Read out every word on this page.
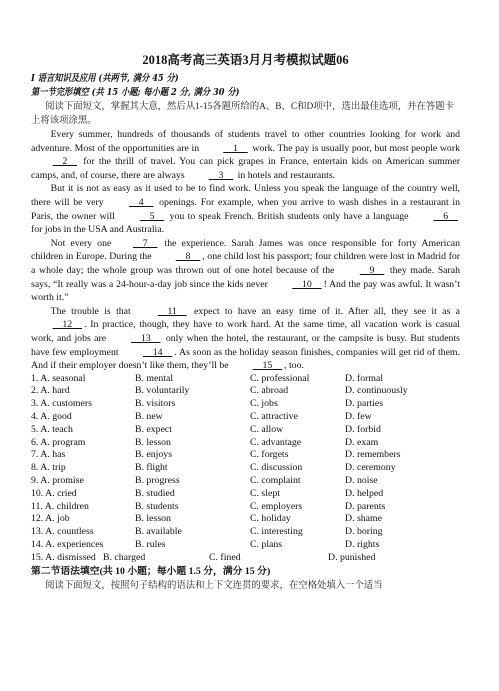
2018高考高三英语3月月考模拟试题06
Ⅰ 语言知识及应用 (共两节, 满分 45 分)
第一节完形填空 (共 15 小题; 每小题 2 分, 满分 30 分)
阅读下面短文，掌握其大意，然后从1-15各题所给的A、B、C和D项中，选出最佳选项，并在答题卡上将该项涂黑。

Every summer, hundreds of thousands of students travel to other countries looking for work and adventure. Most of the opportunities are in  1  work. The pay is usually poor, but most people work  2  for the thrill of travel. You can pick grapes in France, entertain kids on American summer camps, and, of course, there are always  3  in hotels and restaurants.

But it is not as easy as it used to be to find work. Unless you speak the language of the country well, there will be very  4  openings. For example, when you arrive to wash dishes in a restaurant in Paris, the owner will  5  you to speak French. British students only have a language  6  for jobs in the USA and Australia.

Not every one 7  the experience. Sarah James was once responsible for forty American children in Europe. During the  8 , one child lost his passport; four children were lost in Madrid for a whole day; the whole group was thrown out of one hotel because of the  9  they made. Sarah says, “It really was a 24-hour-a-day job since the kids never  10 ! And the pay was awful. It wasn’t worth it.”

The trouble is that  11  expect to have an easy time of it. After all, they see it as a  12 . In practice, though, they have to work hard. At the same time, all vacation work is casual work, and jobs are  13  only when the hotel, the restaurant, or the campsite is busy. But students have few employment  14 . As soon as the holiday season finishes, companies will get rid of them. And if their employer doesn’t like them, they’ll be  15 , too.

1. A. seasonal	B. mental	C. professional	D. formal
2. A. hard	B. voluntarily	C. abroad	D. continuously
3. A. customers	B. visitors	C. jobs	D. parties
4. A. good	B. new	C. attractive	D. few
5. A. teach	B. expect	C. allow	D. forbid
6. A. program	B. lesson	C. advantage	D. exam
7. A. has	B. enjoys	C. forgets	D. remembers
8. A. trip	B. flight	C. discussion	D. ceremony
9. A. promise	B. progress	C. complaint	D. noise
10. A. cried	B. studied	C. slept	D. helped
11. A. children	B. students	C. employers	D. parents
12. A. job	B. lesson	C. holiday	D. shame
13. A. countless	B. available	C. interesting	D. boring
14. A. experiences	B. rules	C. plans	D. rights
15. A. dismissed B. charged	C. fined	D. punished
第二节语法填空(共 10 小题；每小题 1.5 分，满分 15 分)
阅读下面短文，按照句子结构的语法和上下文连贯的要求，在空格处填入一个适当
